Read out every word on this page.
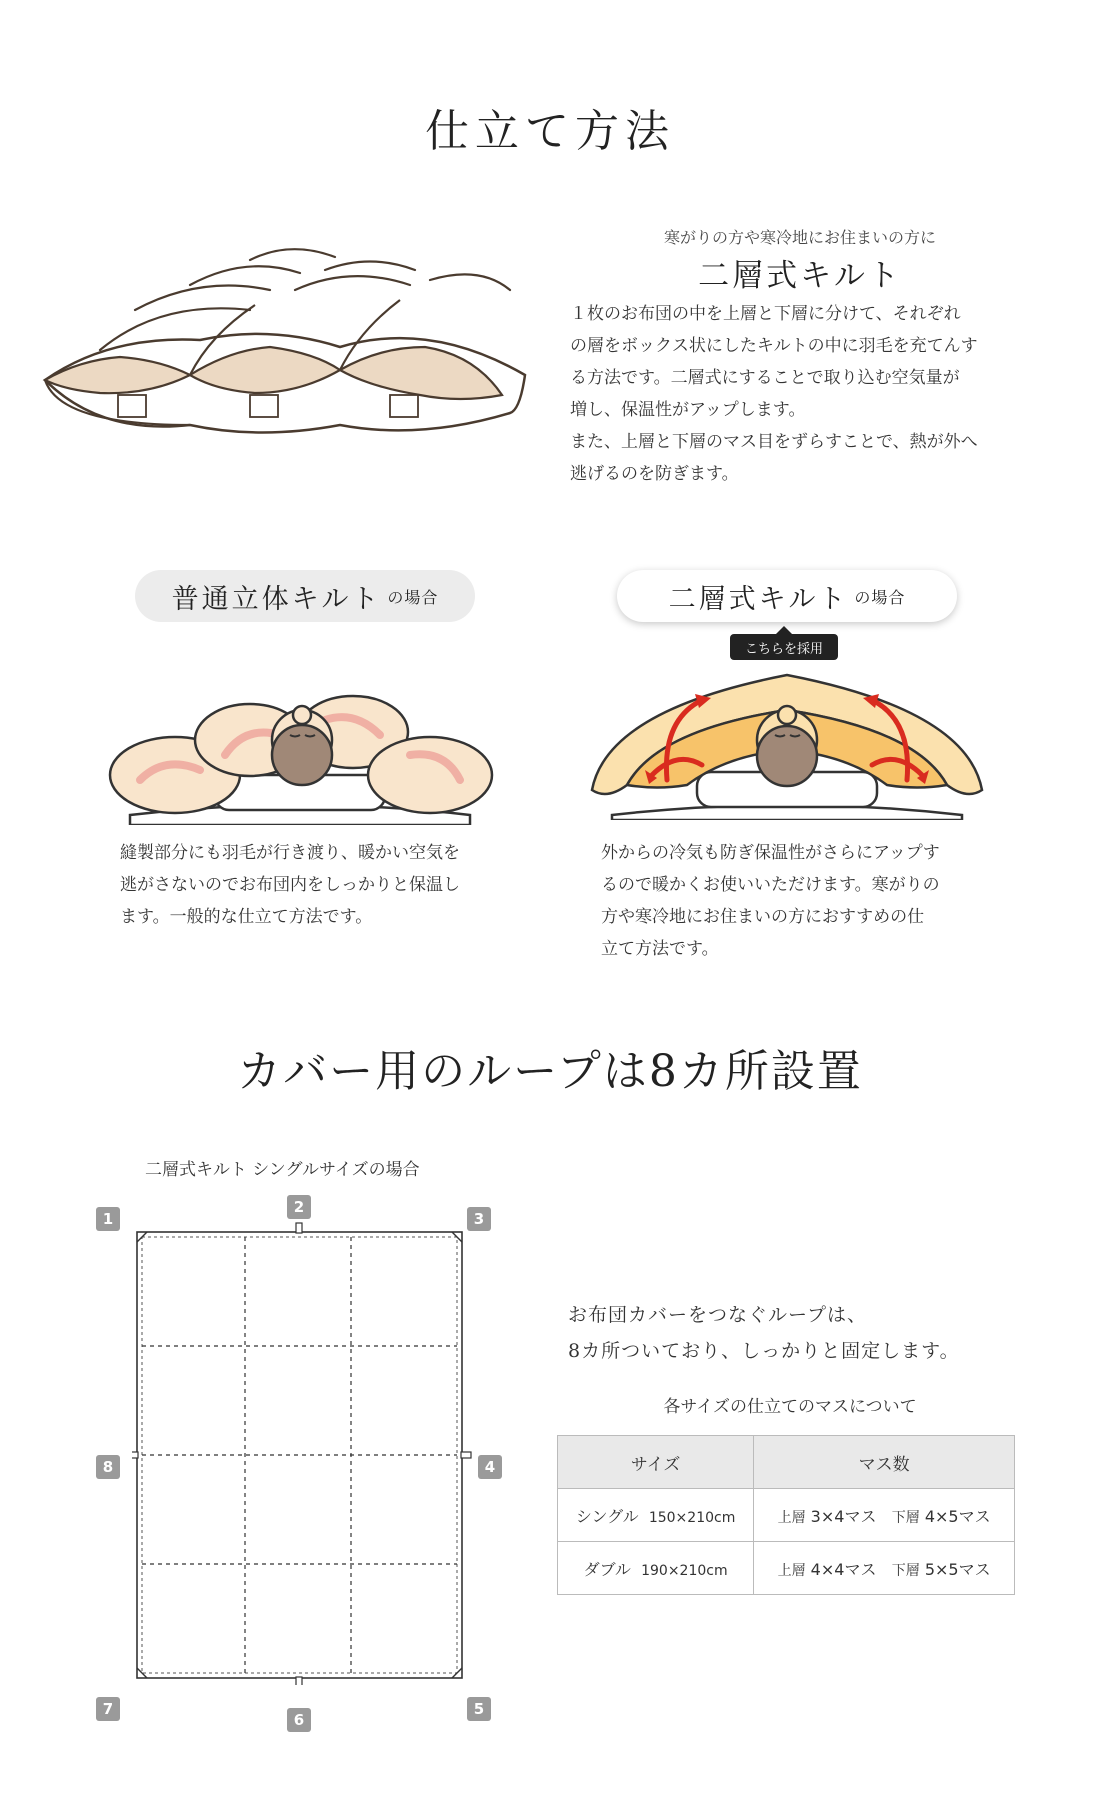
仕立て方法
寒がりの方や寒冷地にお住まいの方に
二層式キルト

１枚のお布団の中を上層と下層に分けて、それぞれ

の層をボックス状にしたキルトの中に羽毛を充てんす

る方法です。二層式にすることで取り込む空気量が

増し、保温性がアップします。

また、上層と下層のマス目をずらすことで、熱が外へ

逃げるのを防ぎます。

普通立体キルト の場合	二層式キルト の場合
こちらを採用
縫製部分にも羽毛が行き渡り、暖かい空気を
逃がさないのでお布団内をしっかりと保温し
ます。一般的な仕立て方法です。
外からの冷気も防ぎ保温性がさらにアップす
るので暖かくお使いいただけます。寒がりの
方や寒冷地にお住まいの方におすすめの仕
立て方法です。
カバー用のループは8カ所設置
二層式キルト シングルサイズの場合
1
2
3
4
5
6
7
8

お布団カバーをつなぐループは、

8カ所ついており、しっかりと固定します。

各サイズの仕立てのマスについて
サイズ	マス数
シングル 150×210cm	上層 3×4マス 下層 4×5マス
ダブル 190×210cm	上層 4×4マス 下層 5×5マス
